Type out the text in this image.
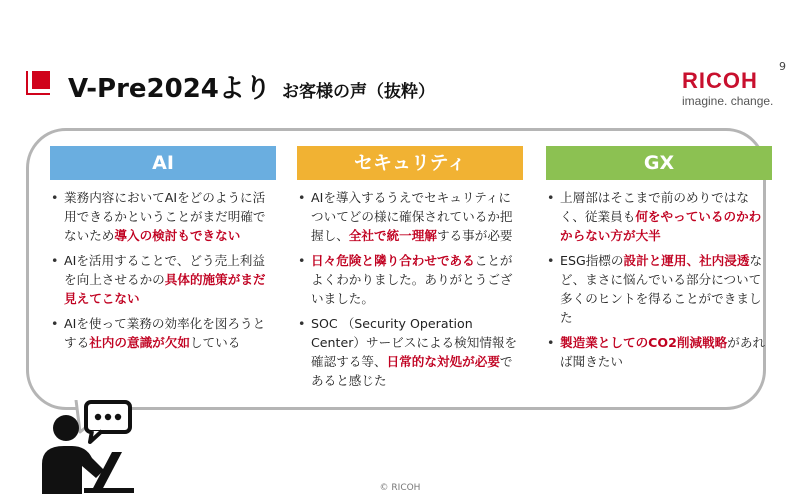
V-Pre2024より お客様の声（抜粋）
9
RICOH
imagine. change.
AI
• 業務内容においてAIをどのように活用できるかということがまだ明確でないため導入の検討もできない
• AIを活用することで、どう売上利益を向上させるかの具体的施策がまだ見えてこない
• AIを使って業務の効率化を図ろうとする社内の意識が欠如している
セキュリティ
• AIを導入するうえでセキュリティについてどの様に確保されているか把握し、全社で統一理解する事が必要
• 日々危険と隣り合わせであることがよくわかりました。ありがとうございました。
• SOC （Security Operation Center）サービスによる検知情報を確認する等、日常的な対処が必要であると感じた
GX
• 上層部はそこまで前のめりではなく、従業員も何をやっているのかわからない方が大半
• ESG指標の設計と運用、社内浸透など、まさに悩んでいる部分について多くのヒントを得ることができました
• 製造業としてのCO2削減戦略があれば聞きたい
© RICOH
